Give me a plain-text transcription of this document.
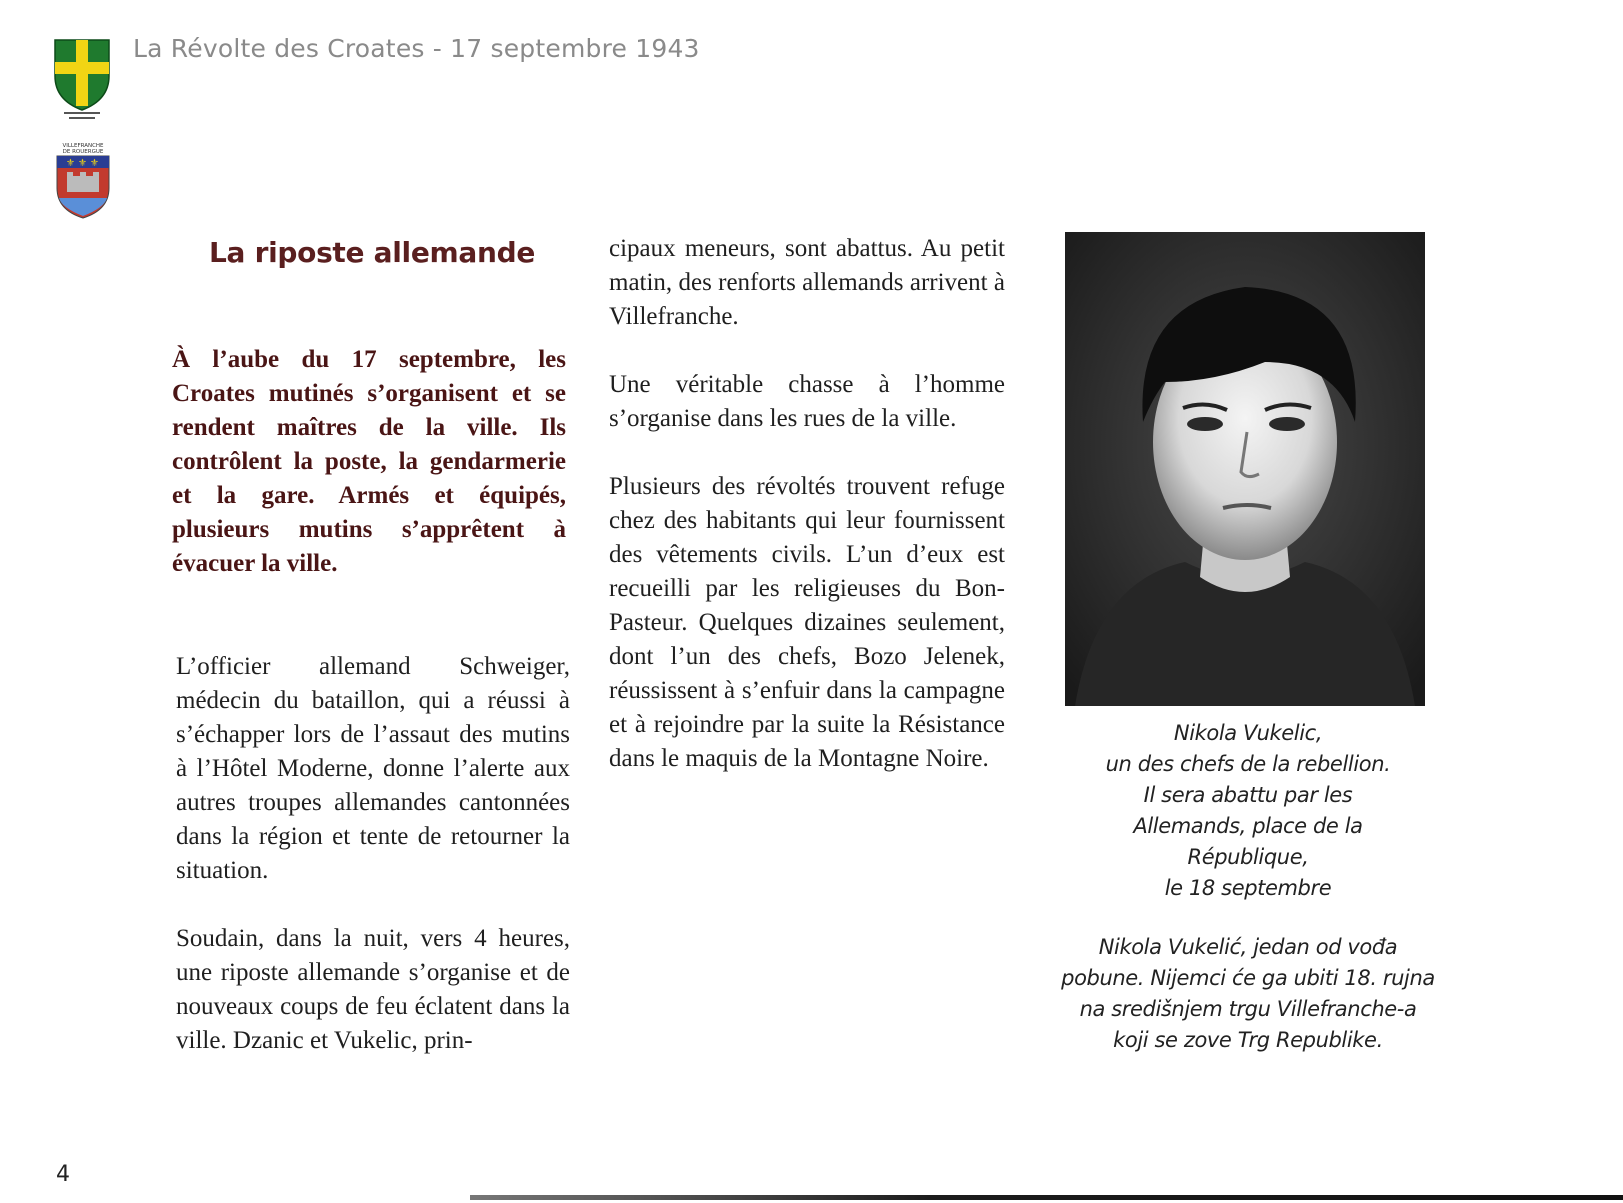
VILLEFRANCHE
DE ROUERGUE
⚜ ⚜ ⚜
La Révolte des Croates - 17 septembre 1943
La riposte allemande

À l’aube du 17 septembre, les Croates mutinés s’organisent et se rendent maîtres de la ville. Ils contrôlent la poste, la gendarmerie et la gare. Armés et équipés, plusieurs mutins s’apprêtent à évacuer la ville.

L’officier allemand Schweiger, médecin du bataillon, qui a réussi à s’échapper lors de l’assaut des mutins à l’Hôtel Moderne, donne l’alerte aux autres troupes allemandes cantonnées dans la région et tente de retourner la situation.

Soudain, dans la nuit, vers 4 heures, une riposte allemande s’organise et de nouveaux coups de feu éclatent dans la ville. Dzanic et Vukelic, prin-

cipaux meneurs, sont abattus. Au petit matin, des renforts allemands arrivent à Villefranche.

Une véritable chasse à l’homme s’organise dans les rues de la ville.

Plusieurs des révoltés trouvent refuge chez des habitants qui leur fournissent des vêtements civils. L’un d’eux est recueilli par les religieuses du Bon-Pasteur. Quelques dizaines seulement, dont l’un des chefs, Bozo Jelenek, réussissent à s’enfuir dans la campagne et à rejoindre par la suite la Résistance dans le maquis de la Montagne Noire.

Nikola Vukelic,

un des chefs de la rebellion.

Il sera abattu par les

Allemands, place de la

République,

le 18 septembre

Nikola Vukelić, jedan od vođa

pobune. Nijemci će ga ubiti 18. rujna

na središnjem trgu Villefranche-a

koji se zove Trg Republike.

4
